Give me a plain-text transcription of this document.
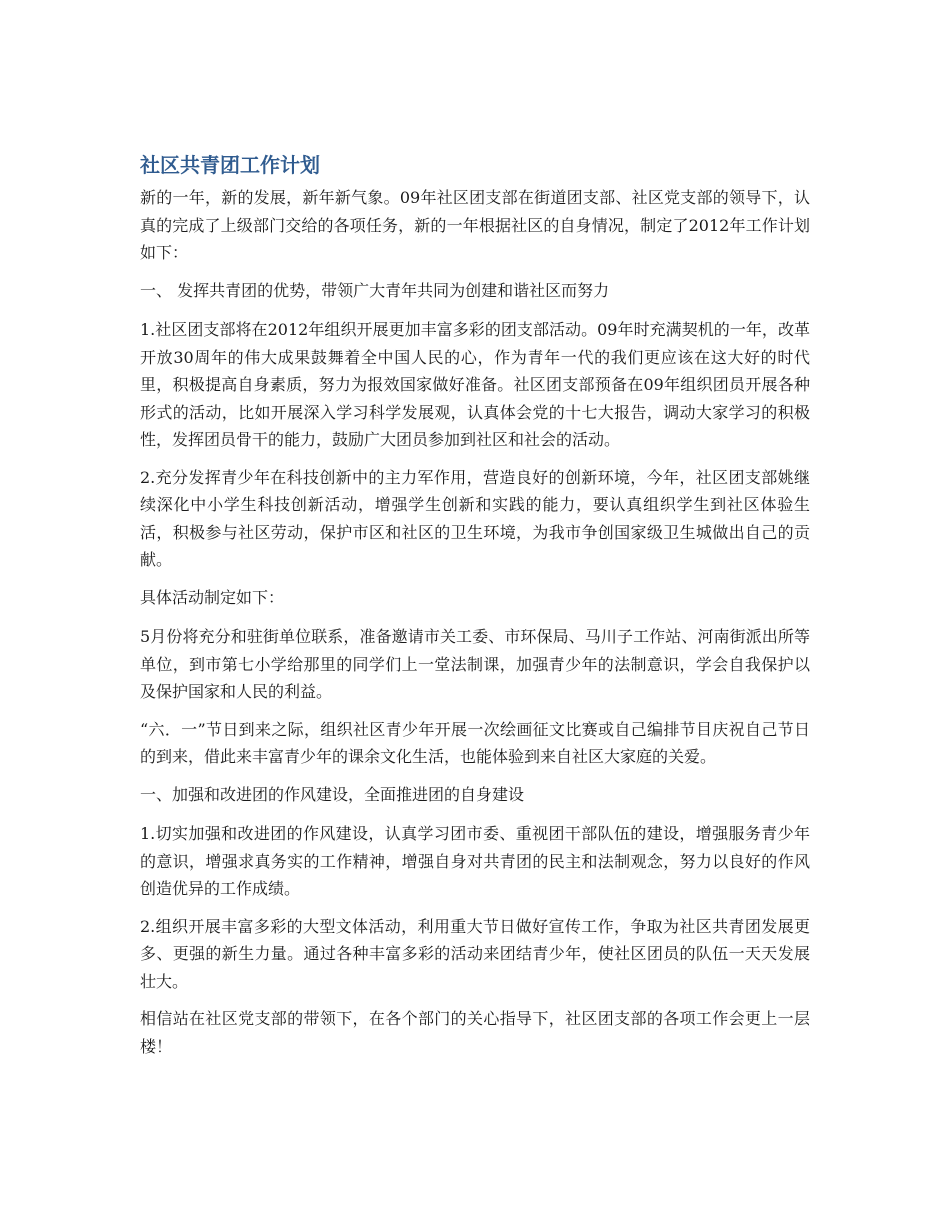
社区共青团工作计划

新的一年，新的发展，新年新气象。09年社区团支部在街道团支部、社区党支部的领导下，认真的完成了上级部门交给的各项任务，新的一年根据社区的自身情况，制定了2012年工作计划如下：

一、 发挥共青团的优势，带领广大青年共同为创建和谐社区而努力

1.社区团支部将在2012年组织开展更加丰富多彩的团支部活动。09年时充满契机的一年，改革开放30周年的伟大成果鼓舞着全中国人民的心，作为青年一代的我们更应该在这大好的时代里，积极提高自身素质，努力为报效国家做好准备。社区团支部预备在09年组织团员开展各种形式的活动，比如开展深入学习科学发展观，认真体会党的十七大报告，调动大家学习的积极性，发挥团员骨干的能力，鼓励广大团员参加到社区和社会的活动。

2.充分发挥青少年在科技创新中的主力军作用，营造良好的创新环境，今年，社区团支部姚继续深化中小学生科技创新活动，增强学生创新和实践的能力，要认真组织学生到社区体验生活，积极参与社区劳动，保护市区和社区的卫生环境，为我市争创国家级卫生城做出自己的贡献。

具体活动制定如下：

5月份将充分和驻街单位联系，准备邀请市关工委、市环保局、马川子工作站、河南街派出所等单位，到市第七小学给那里的同学们上一堂法制课，加强青少年的法制意识，学会自我保护以及保护国家和人民的利益。

“六．一”节日到来之际，组织社区青少年开展一次绘画征文比赛或自己编排节目庆祝自己节日的到来，借此来丰富青少年的课余文化生活，也能体验到来自社区大家庭的关爱。

一、加强和改进团的作风建设，全面推进团的自身建设

1.切实加强和改进团的作风建设，认真学习团市委、重视团干部队伍的建设，增强服务青少年的意识，增强求真务实的工作精神，增强自身对共青团的民主和法制观念，努力以良好的作风创造优异的工作成绩。

2.组织开展丰富多彩的大型文体活动，利用重大节日做好宣传工作，争取为社区共青团发展更多、更强的新生力量。通过各种丰富多彩的活动来团结青少年，使社区团员的队伍一天天发展壮大。

相信站在社区党支部的带领下，在各个部门的关心指导下，社区团支部的各项工作会更上一层楼！
